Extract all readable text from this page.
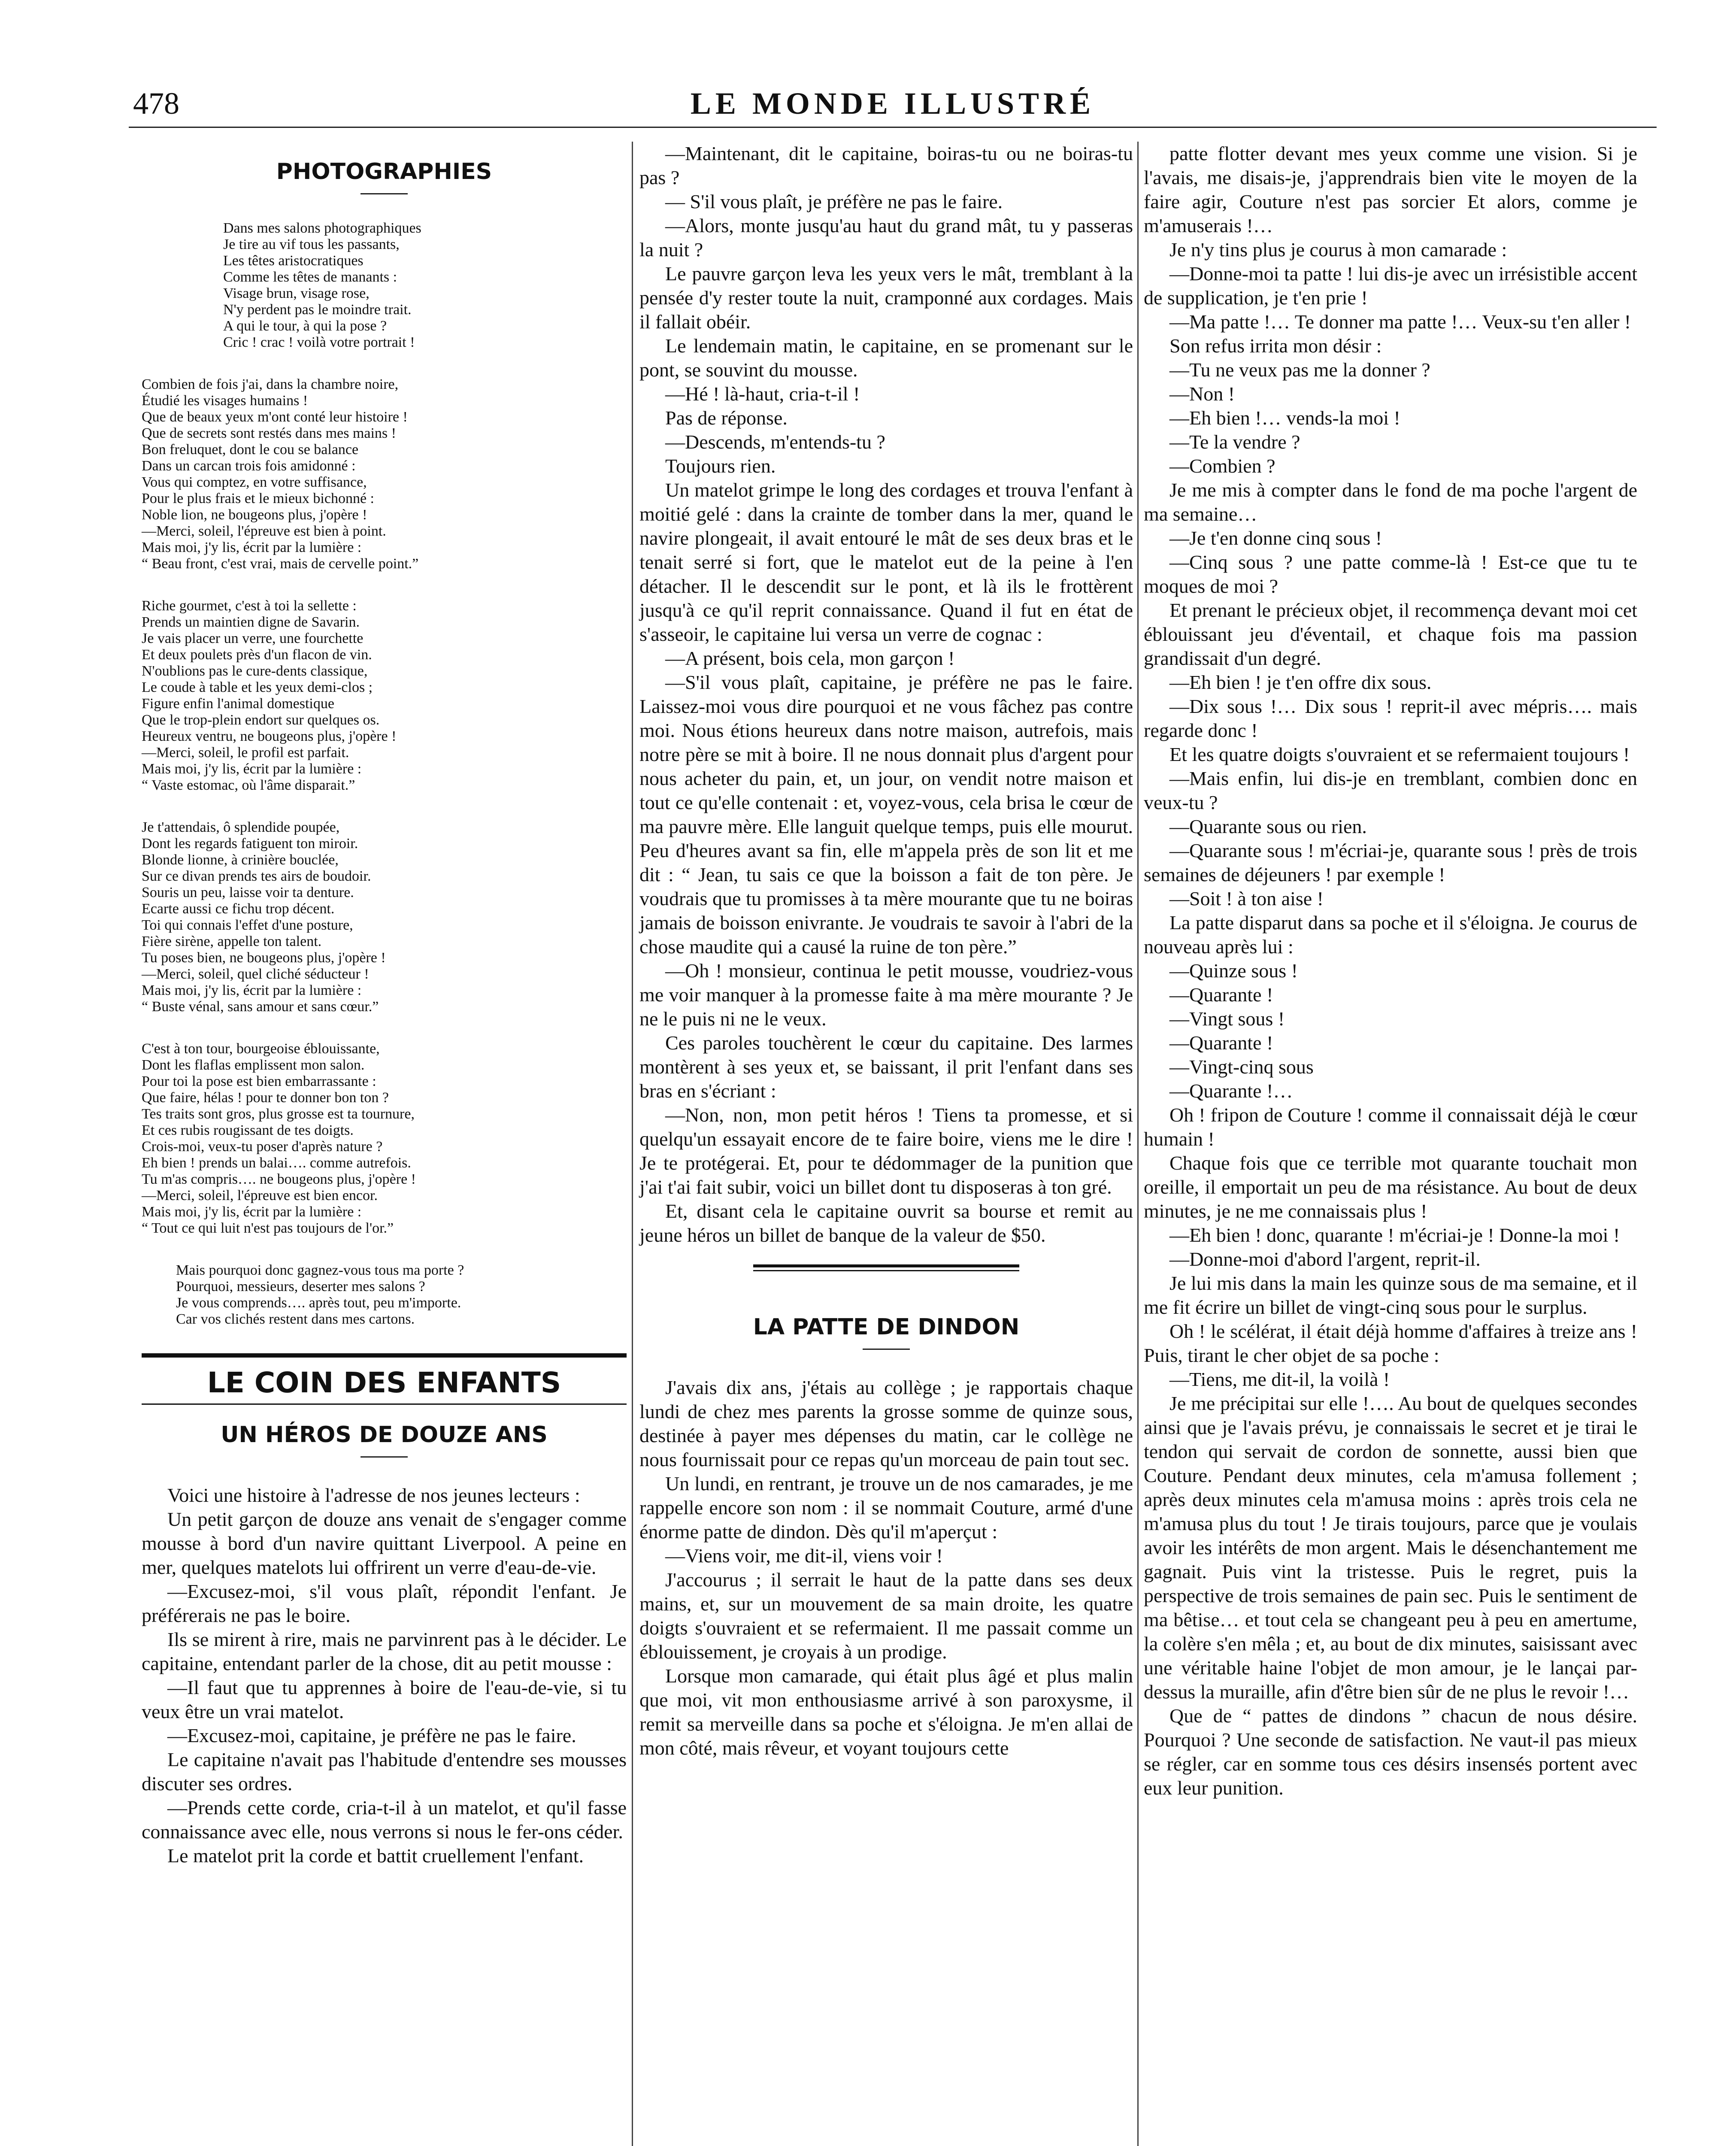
478	LE MONDE ILLUSTRÉ
PHOTOGRAPHIES
Dans mes salons photographiques
Je tire au vif tous les passants,
Les têtes aristocratiques
Comme les têtes de manants :
Visage brun, visage rose,
N'y perdent pas le moindre trait.
A qui le tour, à qui la pose ?
Cric ! crac ! voilà votre portrait !
Combien de fois j'ai, dans la chambre noire,
Étudié les visages humains !
Que de beaux yeux m'ont conté leur histoire !
Que de secrets sont restés dans mes mains !
Bon freluquet, dont le cou se balance
Dans un carcan trois fois amidonné :
Vous qui comptez, en votre suffisance,
Pour le plus frais et le mieux bichonné :
Noble lion, ne bougeons plus, j'opère !
—Merci, soleil, l'épreuve est bien à point.
Mais moi, j'y lis, écrit par la lumière :
“ Beau front, c'est vrai, mais de cervelle point.”
Riche gourmet, c'est à toi la sellette :
Prends un maintien digne de Savarin.
Je vais placer un verre, une fourchette
Et deux poulets près d'un flacon de vin.
N'oublions pas le cure-dents classique,
Le coude à table et les yeux demi-clos ;
Figure enfin l'animal domestique
Que le trop-plein endort sur quelques os.
Heureux ventru, ne bougeons plus, j'opère !
—Merci, soleil, le profil est parfait.
Mais moi, j'y lis, écrit par la lumière :
“ Vaste estomac, où l'âme disparait.”
Je t'attendais, ô splendide poupée,
Dont les regards fatiguent ton miroir.
Blonde lionne, à crinière bouclée,
Sur ce divan prends tes airs de boudoir.
Souris un peu, laisse voir ta denture.
Ecarte aussi ce fichu trop décent.
Toi qui connais l'effet d'une posture,
Fière sirène, appelle ton talent.
Tu poses bien, ne bougeons plus, j'opère !
—Merci, soleil, quel cliché séducteur !
Mais moi, j'y lis, écrit par la lumière :
“ Buste vénal, sans amour et sans cœur.”
C'est à ton tour, bourgeoise éblouissante,
Dont les flaflas emplissent mon salon.
Pour toi la pose est bien embarrassante :
Que faire, hélas ! pour te donner bon ton ?
Tes traits sont gros, plus grosse est ta tournure,
Et ces rubis rougissant de tes doigts.
Crois-moi, veux-tu poser d'après nature ?
Eh bien ! prends un balai…. comme autrefois.
Tu m'as compris…. ne bougeons plus, j'opère !
—Merci, soleil, l'épreuve est bien encor.
Mais moi, j'y lis, écrit par la lumière :
“ Tout ce qui luit n'est pas toujours de l'or.”
Mais pourquoi donc gagnez-vous tous ma porte ?
Pourquoi, messieurs, deserter mes salons ?
Je vous comprends…. après tout, peu m'importe.
Car vos clichés restent dans mes cartons.
LE COIN DES ENFANTS
UN HÉROS DE DOUZE ANS

Voici une histoire à l'adresse de nos jeunes lecteurs :

Un petit garçon de douze ans venait de s'engager comme mousse à bord d'un navire quittant Liverpool. A peine en mer, quelques matelots lui offrirent un verre d'eau-de-vie.

—Excusez-moi, s'il vous plaît, répondit l'enfant. Je préférerais ne pas le boire.

Ils se mirent à rire, mais ne parvinrent pas à le décider. Le capitaine, entendant parler de la chose, dit au petit mousse :

—Il faut que tu apprennes à boire de l'eau-de-vie, si tu veux être un vrai matelot.

—Excusez-moi, capitaine, je préfère ne pas le faire.

Le capitaine n'avait pas l'habitude d'entendre ses mousses discuter ses ordres.

—Prends cette corde, cria-t-il à un matelot, et qu'il fasse connaissance avec elle, nous verrons si nous le fer-ons céder.

Le matelot prit la corde et battit cruellement l'enfant.

—Maintenant, dit le capitaine, boiras-tu ou ne boiras-tu pas ?

— S'il vous plaît, je préfère ne pas le faire.

—Alors, monte jusqu'au haut du grand mât, tu y passeras la nuit ?

Le pauvre garçon leva les yeux vers le mât, tremblant à la pensée d'y rester toute la nuit, cramponné aux cordages. Mais il fallait obéir.

Le lendemain matin, le capitaine, en se promenant sur le pont, se souvint du mousse.

—Hé ! là-haut, cria-t-il !

Pas de réponse.

—Descends, m'entends-tu ?

Toujours rien.

Un matelot grimpe le long des cordages et trouva l'enfant à moitié gelé : dans la crainte de tomber dans la mer, quand le navire plongeait, il avait entouré le mât de ses deux bras et le tenait serré si fort, que le matelot eut de la peine à l'en détacher. Il le descendit sur le pont, et là ils le frottèrent jusqu'à ce qu'il reprit connaissance. Quand il fut en état de s'asseoir, le capitaine lui versa un verre de cognac :

—A présent, bois cela, mon garçon !

—S'il vous plaît, capitaine, je préfère ne pas le faire. Laissez-moi vous dire pourquoi et ne vous fâchez pas contre moi. Nous étions heureux dans notre maison, autrefois, mais notre père se mit à boire. Il ne nous donnait plus d'argent pour nous acheter du pain, et, un jour, on vendit notre maison et tout ce qu'elle contenait : et, voyez-vous, cela brisa le cœur de ma pauvre mère. Elle languit quelque temps, puis elle mourut. Peu d'heures avant sa fin, elle m'appela près de son lit et me dit : “ Jean, tu sais ce que la boisson a fait de ton père. Je voudrais que tu promisses à ta mère mourante que tu ne boiras jamais de boisson enivrante. Je voudrais te savoir à l'abri de la chose maudite qui a causé la ruine de ton père.”

—Oh ! monsieur, continua le petit mousse, voudriez-vous me voir manquer à la promesse faite à ma mère mourante ? Je ne le puis ni ne le veux.

Ces paroles touchèrent le cœur du capitaine. Des larmes montèrent à ses yeux et, se baissant, il prit l'enfant dans ses bras en s'écriant :

—Non, non, mon petit héros ! Tiens ta promesse, et si quelqu'un essayait encore de te faire boire, viens me le dire ! Je te protégerai. Et, pour te dédommager de la punition que j'ai t'ai fait subir, voici un billet dont tu disposeras à ton gré.

Et, disant cela le capitaine ouvrit sa bourse et remit au jeune héros un billet de banque de la valeur de $50.

LA PATTE DE DINDON

J'avais dix ans, j'étais au collège ; je rapportais chaque lundi de chez mes parents la grosse somme de quinze sous, destinée à payer mes dépenses du matin, car le collège ne nous fournissait pour ce repas qu'un morceau de pain tout sec.

Un lundi, en rentrant, je trouve un de nos camarades, je me rappelle encore son nom : il se nommait Couture, armé d'une énorme patte de dindon. Dès qu'il m'aperçut :

—Viens voir, me dit-il, viens voir !

J'accourus ; il serrait le haut de la patte dans ses deux mains, et, sur un mouvement de sa main droite, les quatre doigts s'ouvraient et se refermaient. Il me passait comme un éblouissement, je croyais à un prodige.

Lorsque mon camarade, qui était plus âgé et plus malin que moi, vit mon enthousiasme arrivé à son paroxysme, il remit sa merveille dans sa poche et s'éloigna. Je m'en allai de mon côté, mais rêveur, et voyant toujours cette

patte flotter devant mes yeux comme une vision. Si je l'avais, me disais-je, j'apprendrais bien vite le moyen de la faire agir, Couture n'est pas sorcier Et alors, comme je m'amuserais !…

Je n'y tins plus je courus à mon camarade :

—Donne-moi ta patte ! lui dis-je avec un irrésistible accent de supplication, je t'en prie !

—Ma patte !… Te donner ma patte !… Veux-su t'en aller !

Son refus irrita mon désir :

—Tu ne veux pas me la donner ?

—Non !

—Eh bien !… vends-la moi !

—Te la vendre ?

—Combien ?

Je me mis à compter dans le fond de ma poche l'argent de ma semaine…

—Je t'en donne cinq sous !

—Cinq sous ? une patte comme-là ! Est-ce que tu te moques de moi ?

Et prenant le précieux objet, il recommença devant moi cet éblouissant jeu d'éventail, et chaque fois ma passion grandissait d'un degré.

—Eh bien ! je t'en offre dix sous.

—Dix sous !… Dix sous ! reprit-il avec mépris…. mais regarde donc !

Et les quatre doigts s'ouvraient et se refermaient toujours !

—Mais enfin, lui dis-je en tremblant, combien donc en veux-tu ?

—Quarante sous ou rien.

—Quarante sous ! m'écriai-je, quarante sous ! près de trois semaines de déjeuners ! par exemple !

—Soit ! à ton aise !

La patte disparut dans sa poche et il s'éloigna. Je courus de nouveau après lui :

—Quinze sous !

—Quarante !

—Vingt sous !

—Quarante !

—Vingt-cinq sous

—Quarante !…

Oh ! fripon de Couture ! comme il connaissait déjà le cœur humain !

Chaque fois que ce terrible mot quarante touchait mon oreille, il emportait un peu de ma résistance. Au bout de deux minutes, je ne me connaissais plus !

—Eh bien ! donc, quarante ! m'écriai-je ! Donne-la moi !

—Donne-moi d'abord l'argent, reprit-il.

Je lui mis dans la main les quinze sous de ma semaine, et il me fit écrire un billet de vingt-cinq sous pour le surplus.

Oh ! le scélérat, il était déjà homme d'affaires à treize ans ! Puis, tirant le cher objet de sa poche :

—Tiens, me dit-il, la voilà !

Je me précipitai sur elle !…. Au bout de quelques secondes ainsi que je l'avais prévu, je connaissais le secret et je tirai le tendon qui servait de cordon de sonnette, aussi bien que Couture. Pendant deux minutes, cela m'amusa follement ; après deux minutes cela m'amusa moins : après trois cela ne m'amusa plus du tout ! Je tirais toujours, parce que je voulais avoir les intérêts de mon argent. Mais le désenchantement me gagnait. Puis vint la tristesse. Puis le regret, puis la perspective de trois semaines de pain sec. Puis le sentiment de ma bêtise… et tout cela se changeant peu à peu en amertume, la colère s'en mêla ; et, au bout de dix minutes, saisissant avec une véritable haine l'objet de mon amour, je le lançai par-dessus la muraille, afin d'être bien sûr de ne plus le revoir !…

Que de “ pattes de dindons ” chacun de nous désire. Pourquoi ? Une seconde de satisfaction. Ne vaut-il pas mieux se régler, car en somme tous ces désirs insensés portent avec eux leur punition.
